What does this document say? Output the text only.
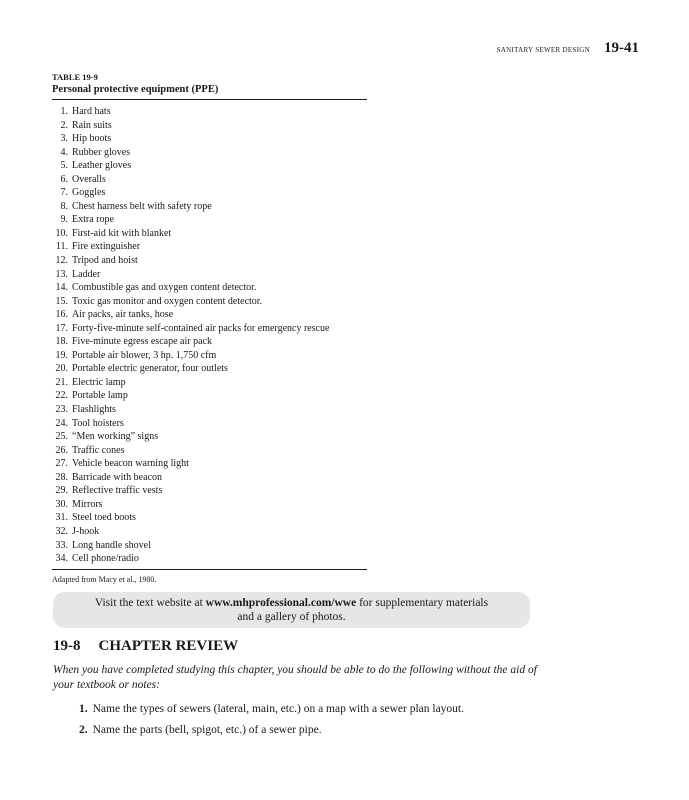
SANITARY SEWER DESIGN 19-41
TABLE 19-9
Personal protective equipment (PPE)
1. Hard hats
2. Rain suits
3. Hip boots
4. Rubber gloves
5. Leather gloves
6. Overalls
7. Goggles
8. Chest harness belt with safety rope
9. Extra rope
10. First-aid kit with blanket
11. Fire extinguisher
12. Tripod and hoist
13. Ladder
14. Combustible gas and oxygen content detector.
15. Toxic gas monitor and oxygen content detector.
16. Air packs, air tanks, hose
17. Forty-five-minute self-contained air packs for emergency rescue
18. Five-minute egress escape air pack
19. Portable air blower, 3 hp. 1,750 cfm
20. Portable electric generator, four outlets
21. Electric lamp
22. Portable lamp
23. Flashlights
24. Tool hoisters
25. “Men working” signs
26. Traffic cones
27. Vehicle beacon warning light
28. Barricade with beacon
29. Reflective traffic vests
30. Mirrors
31. Steel toed boots
32. J-hook
33. Long handle shovel
34. Cell phone/radio
Adapted from Macy et al., 1980.
Visit the text website at www.mhprofessional.com/wwe for supplementary materials
and a gallery of photos.
19-8 CHAPTER REVIEW

When you have completed studying this chapter, you should be able to do the following without the aid of your textbook or notes:

1. Name the types of sewers (lateral, main, etc.) on a map with a sewer plan layout.
2. Name the parts (bell, spigot, etc.) of a sewer pipe.
